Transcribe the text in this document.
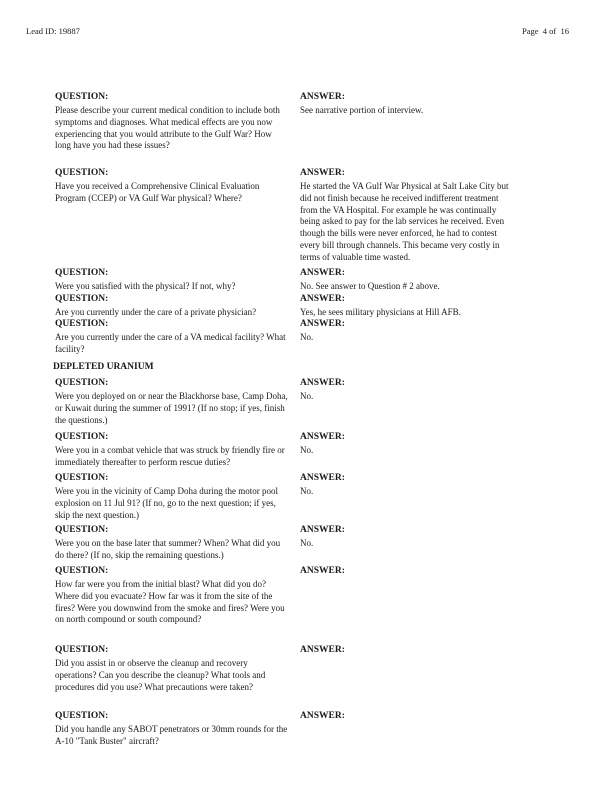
Lead ID: 19887	Page  4 of  16
QUESTION:
Please describe your current medical condition to include both symptoms and diagnoses. What medical effects are you now experiencing that you would attribute to the Gulf War? How long have you had these issues?
ANSWER:
See narrative portion of interview.
QUESTION:
Have you received a Comprehensive Clinical Evaluation Program (CCEP) or VA Gulf War physical? Where?
ANSWER:
He started the VA Gulf War Physical at Salt Lake City but did not finish because he received indifferent treatment from the VA Hospital. For example he was continually being asked to pay for the lab services he received. Even though the bills were never enforced, he had to contest every bill through channels. This became very costly in terms of valuable time wasted.
QUESTION:
Were you satisfied with the physical? If not, why?
ANSWER:
No. See answer to Question # 2 above.
QUESTION:
Are you currently under the care of a private physician?
ANSWER:
Yes, he sees military physicians at Hill AFB.
QUESTION:
Are you currently under the care of a VA medical facility? What facility?
ANSWER:
No.
DEPLETED URANIUM
QUESTION:
Were you deployed on or near the Blackhorse base, Camp Doha, or Kuwait during the summer of 1991? (If no stop; if yes, finish the questions.)
ANSWER:
No.
QUESTION:
Were you in a combat vehicle that was struck by friendly fire or immediately thereafter to perform rescue duties?
ANSWER:
No.
QUESTION:
Were you in the vicinity of Camp Doha during the motor pool explosion on 11 Jul 91? (If no, go to the next question; if yes, skip the next question.)
ANSWER:
No.
QUESTION:
Were you on the base later that summer? When? What did you do there? (If no, skip the remaining questions.)
ANSWER:
No.
QUESTION:
How far were you from the initial blast? What did you do? Where did you evacuate? How far was it from the site of the fires? Were you downwind from the smoke and fires? Were you on north compound or south compound?
ANSWER:
QUESTION:
Did you assist in or observe the cleanup and recovery operations? Can you describe the cleanup? What tools and procedures did you use? What precautions were taken?
ANSWER:
QUESTION:
Did you handle any SABOT penetrators or 30mm rounds for the A-10 "Tank Buster" aircraft?
ANSWER:
